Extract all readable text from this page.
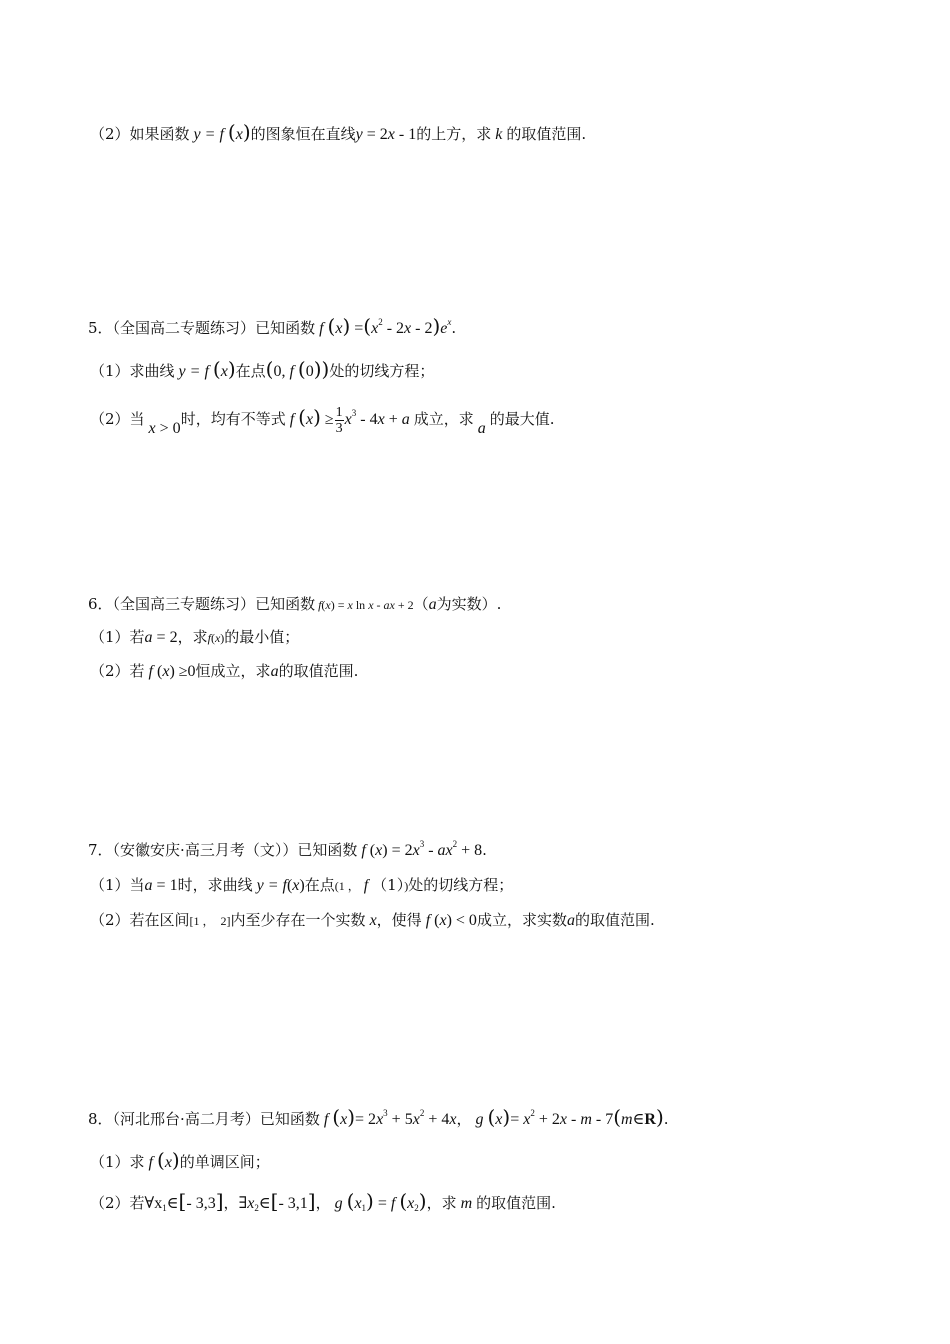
（2）如果函数 y = f (x)的图象恒在直线y = 2x - 1的上方，求 k 的取值范围.
5．（全国高二专题练习）已知函数 f $(x) =(x^2 - 2x - 2)e^x$.
（1）求曲线 y = f (x)在点(0, f (0))处的切线方程；
（2）当 x > 0时，均有不等式 f $(x) \ge \frac{1}{3} x^3 - 4x + a$ 成立，求 a 的最大值.
6．（全国高三专题练习）已知函数 f(x) = x ln x - ax + 2（a为实数）.
（1）若a = 2，求f(x)的最小值；
（2）若 f (x) ≥0恒成立，求a的取值范围.
7．（安徽安庆·高三月考（文））已知函数 f $(x) = 2x^3 - ax^2 + 8$.
（1）当a = 1时，求曲线 y = f(x)在点(1 ， f （1）)处的切线方程；
（2）若在区间[1 ，  2]内至少存在一个实数 x，使得 f (x) < 0成立，求实数a的取值范围.
8．（河北邢台·高二月考）已知函数 f $(x)= 2x^3 + 5x^2 + 4x$， g $(x)= x^2 + 2x - m$ - 7(m∈R).
（1）求 f (x)的单调区间；
（2）若$\forall x_1\in[-$ 3,3]，$\exists x_2\in[-$ 3,1]， g $(x_1) = f$ $(x_2)$，求 m 的取值范围.
